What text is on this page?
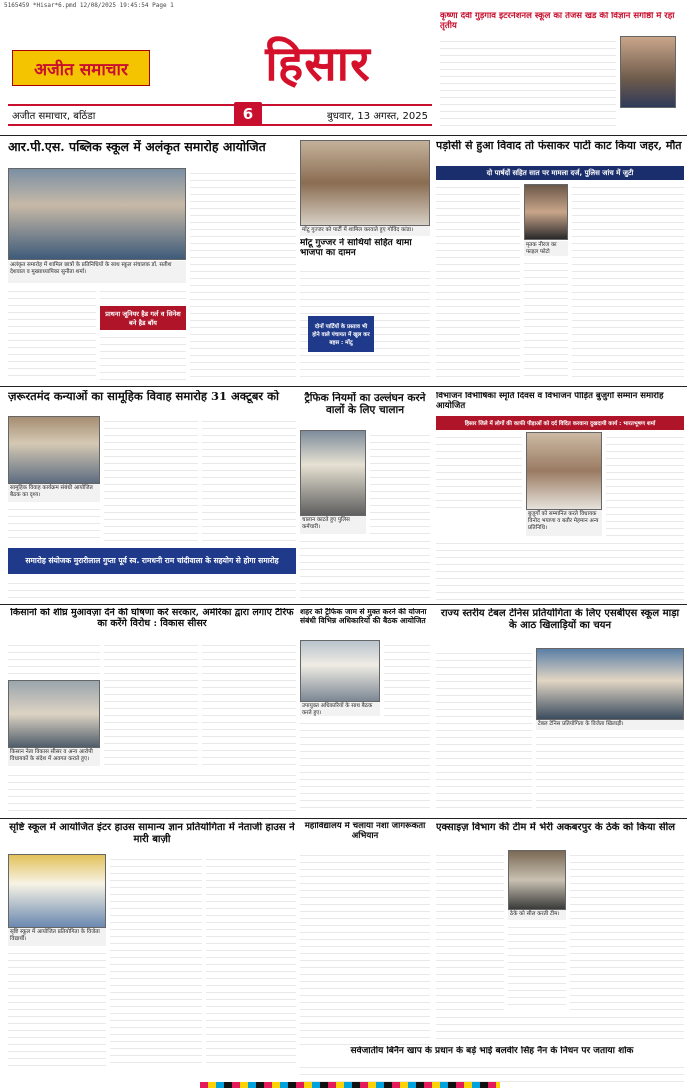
5165459 *Hisar*6.pmd 12/08/2025 19:45:54 Page 1
अजीत समाचार	हिसार
अजीत समाचार, बठिंडा	बुधवार, 13 अगस्त, 2025
6
कृष्णा देवी गुड़गांव इंटरनेशनल स्कूल का तेजस खंड की विज्ञान संगोष्ठी में रहा तृतीय
आर.पी.एस. पब्लिक स्कूल में अलंकृत समारोह आयोजित
अलंकृत समारोह में शामिल छात्रों के प्रतिनिधियों के साथ स्कूल संचालक डॉ. सतीश देशवाल व मुख्याध्यापिका सुनीता शर्मा।
प्राथना जूनियर हैड गर्ल व सिनेश बने हैड बॉय
मोंटू गुज्जर को पार्टी में शामिल करवाते हुए गोविंद कांडा।
मोंटू गुज्जर ने साथियों सहित थामा भाजपा का दामन
दोनों पार्टियों के प्रस्ताव भी होने वाले पंचायत में खुल कर बहस : मोंटू
पड़ोसी से हुआ विवाद तो फंसाकर पार्टी काट किया जहर, मौत
दो पार्षदों सहित सात पर मामला दर्ज, पुलिस जांच में जुटी
मृतक नीरज का फाइल फोटो
ज़रूरतमंद कन्याओं का सामूहिक विवाह समारोह 31 अक्टूबर को
सामूहिक विवाह कार्यक्रम संबंधी आयोजित बैठक का दृश्य।
समारोह संयोजक मुरारीलाल गुप्ता पूर्व स्व. रामधनी राम चांदीवाला के सहयोग से होगा समारोह
ट्रैफिक नियमों का उल्लंघन करने वालों के लिए चालान
चालान काटते हुए पुलिस कर्मचारी।
विभाजन विभीषिका स्मृति दिवस व विभाजन पीड़ित बुजुर्गों सम्मान समारोह आयोजित
हिसार जिले में लोगों की काफी पीड़ाओं को दर्द विदित करवाना दुखदायी कार्य : भारतभूषण शर्मा
बुजुर्गों को सम्मानित करते विधायक विनोद भयाणा व बतौर मेहमान अन्य प्रतिनिधि।
किसानों को शीघ्र मुआवज़ा देने की घोषणा करे सरकार, अमेरिका द्वारा लगाए टैरिफ का करेंगे विरोध : विकास सीसर
किसान नेता विकास सीसर व अन्य आरोपी विधायकों के संदेश में अवगत कराते हुए।
शहर को ट्रैफिक जाम से मुक्त करने की योजना संबंधी विभिन्न अधिकारियों की बैठक आयोजित
उपायुक्त अधिकारियों के साथ बैठक करते हुए।
राज्य स्तरीय टेबल टेनिस प्रतियोगिता के लिए एसबीएस स्कूल माड़ा के आठ खिलाड़ियों का चयन
टेबल टेनिस प्रतियोगिता के विजेता खिलाड़ी।
सृष्टि स्कूल में आयोजित इंटर हाउस सामान्य ज्ञान प्रतियोगिता में नेताजी हाउस ने मारी बाज़ी
सृष्टि स्कूल में आयोजित प्रतियोगिता के विजेता विद्यार्थी।
महाविद्यालय में चलाया नशा जागरूकता अभियान
एक्साइज़ विभाग की टीम में भेरी अकबरपुर के ठेके को किया सील
ठेके को सील करती टीम।
सर्वजातीय बिनैन खाप के प्रधान के बड़े भाई बलवीर सिंह नैन के निधन पर जताया शोक
